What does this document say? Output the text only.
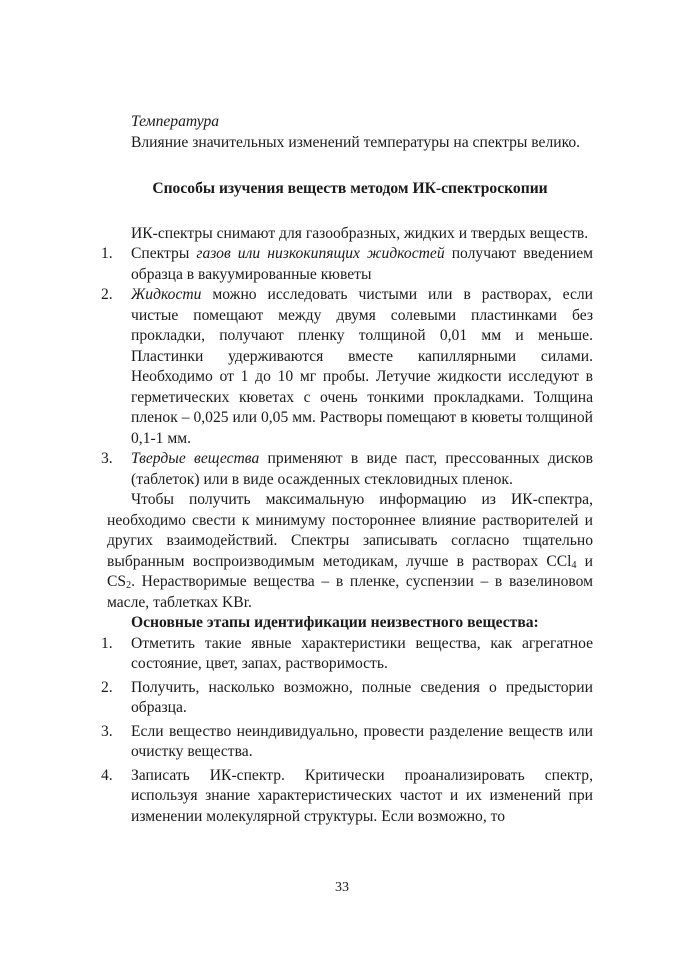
Температура

Влияние значительных изменений температуры на спектры велико.

Способы изучения веществ методом ИК-спектроскопии

ИК-спектры снимают для газообразных, жидких и твердых веществ.

1. Спектры газов или низкокипящих жидкостей получают введением образца в вакуумированные кюветы
2. Жидкости можно исследовать чистыми или в растворах, если чистые помещают между двумя солевыми пластинками без прокладки, получают пленку толщиной 0,01 мм и меньше. Пластинки удерживаются вместе капиллярными силами. Необходимо от 1 до 10 мг пробы. Летучие жидкости исследуют в герметических кюветах с очень тонкими прокладками. Толщина пленок – 0,025 или 0,05 мм. Растворы помещают в кюветы толщиной 0,1-1 мм.
3. Твердые вещества применяют в виде паст, прессованных дисков (таблеток) или в виде осажденных стекловидных пленок.

Чтобы получить максимальную информацию из ИК-спектра, необходимо свести к минимуму постороннее влияние растворителей и других взаимодействий. Спектры записывать согласно тщательно выбранным воспроизводимым методикам, лучше в растворах CCl$_4$ и $CS_2$. Нерастворимые вещества – в пленке, суспензии – в вазелиновом масле, таблетках KBr.

Основные этапы идентификации неизвестного вещества:

1. Отметить такие явные характеристики вещества, как агрегатное состояние, цвет, запах, растворимость.
2. Получить, насколько возможно, полные сведения о предыстории образца.
3. Если вещество неиндивидуально, провести разделение веществ или очистку вещества.
4. Записать ИК-спектр. Критически проанализировать спектр, используя знание характеристических частот и их изменений при изменении молекулярной структуры. Если возможно, то
33
